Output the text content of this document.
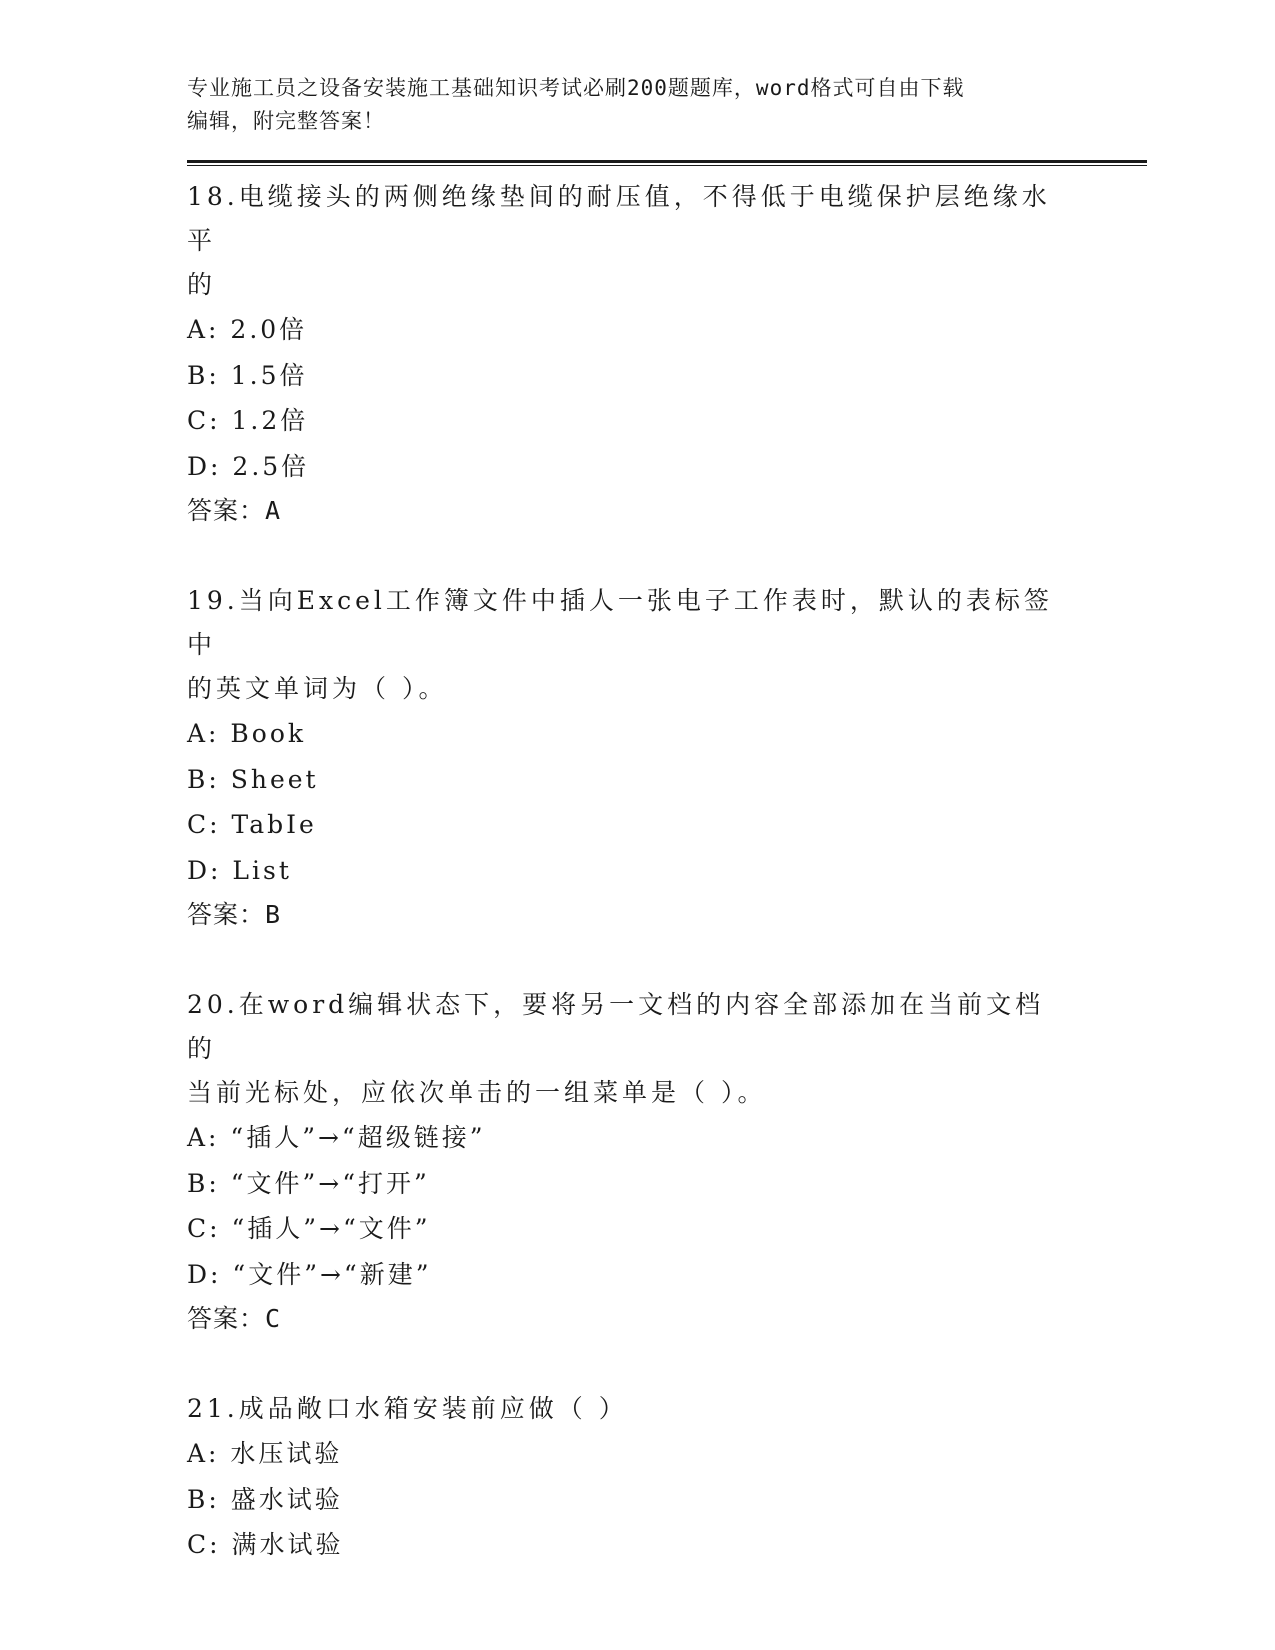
专业施工员之设备安装施工基础知识考试必刷200题题库，word格式可自由下载
编辑，附完整答案！

18.电缆接头的两侧绝缘垫间的耐压值，不得低于电缆保护层绝缘水平
的

A: 2.0倍

B: 1.5倍

C: 1.2倍

D: 2.5倍

答案：A

19.当向Excel工作簿文件中插人一张电子工作表时，默认的表标签中
的英文单词为（ ）。

A: Book

B: Sheet

C: TabIe

D: List

答案：B

20.在word编辑状态下，要将另一文档的内容全部添加在当前文档的
当前光标处，应依次单击的一组菜单是（ ）。

A: “插人”→“超级链接”

B: “文件”→“打开”

C: “插人”→“文件”

D: “文件”→“新建”

答案：C

21.成品敞口水箱安装前应做（ ）

A: 水压试验

B: 盛水试验

C: 满水试验
